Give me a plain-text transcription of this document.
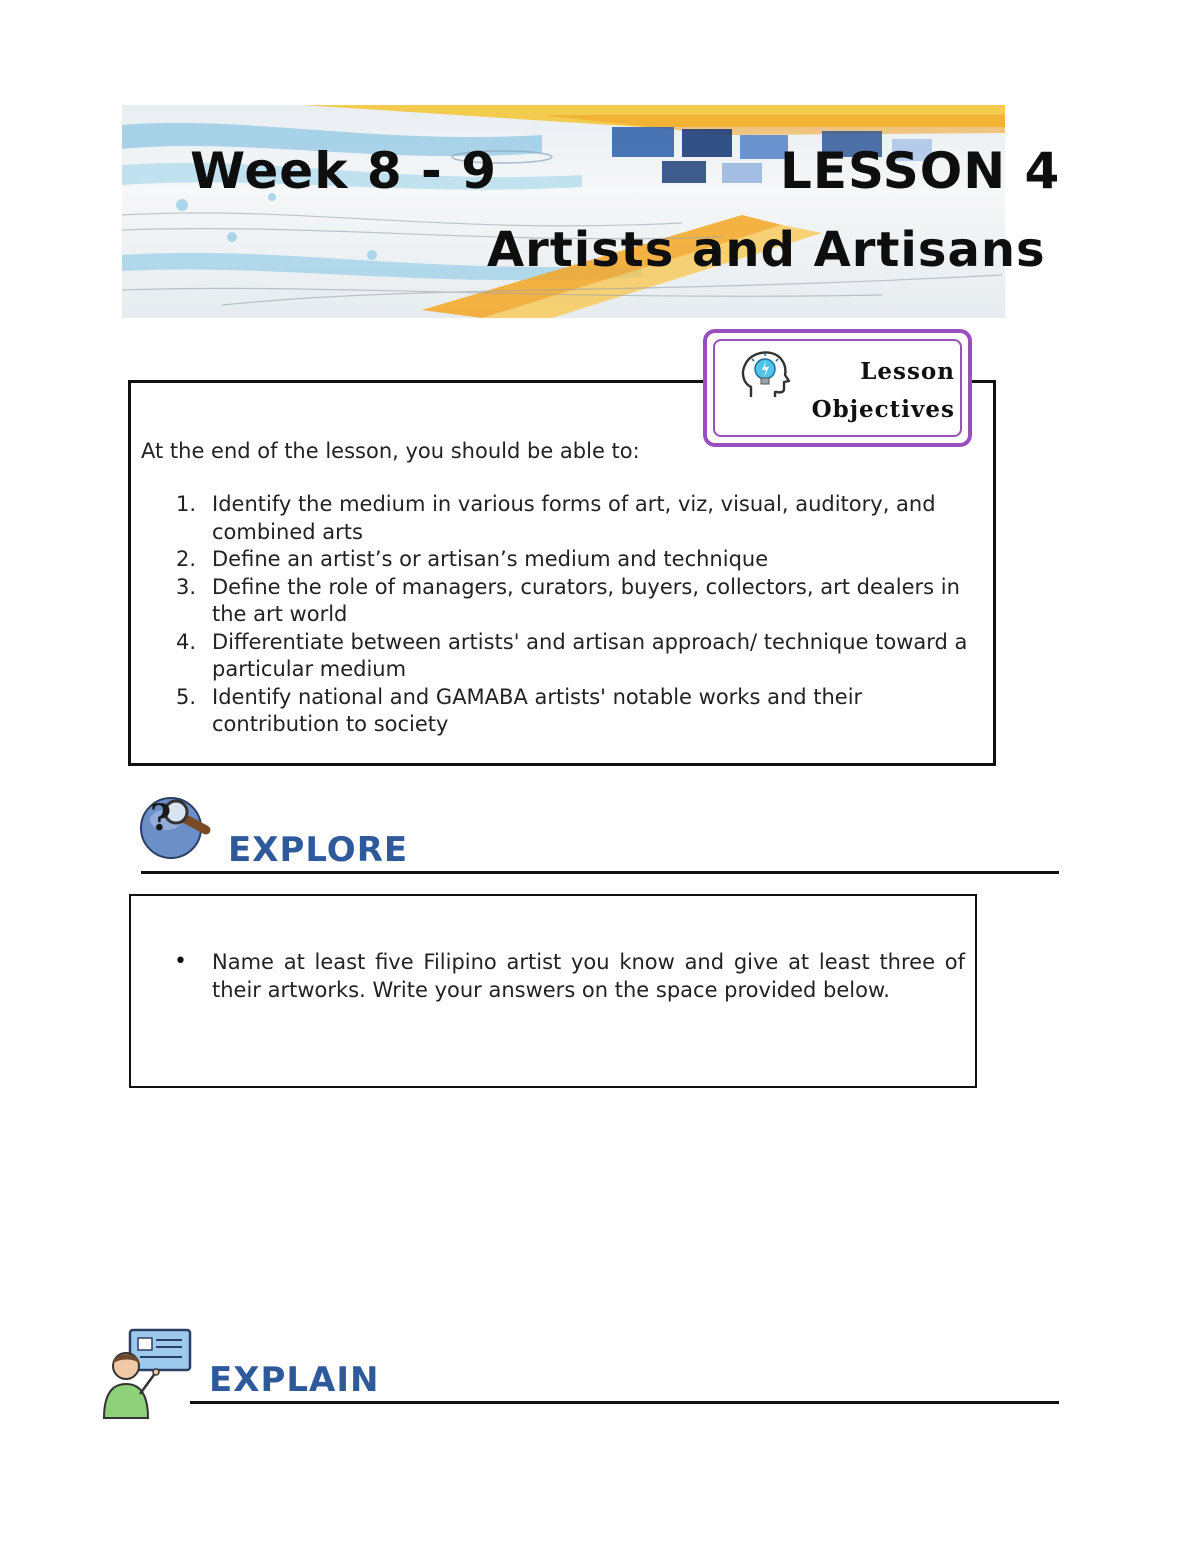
Week 8 - 9	LESSON 4
Artists and Artisans
Lesson
Objectives
At the end of the lesson, you should be able to:
1. Identify the medium in various forms of art, viz, visual, auditory, and combined arts
2. Define an artist’s or artisan’s medium and technique
3. Define the role of managers, curators, buyers, collectors, art dealers in the art world
4. Differentiate between artists' and artisan approach/ technique toward a particular medium
5. Identify national and GAMABA artists' notable works and their contribution to society
?
EXPLORE
• Name at least five Filipino artist you know and give at least three of their artworks. Write your answers on the space provided below.
EXPLAIN
